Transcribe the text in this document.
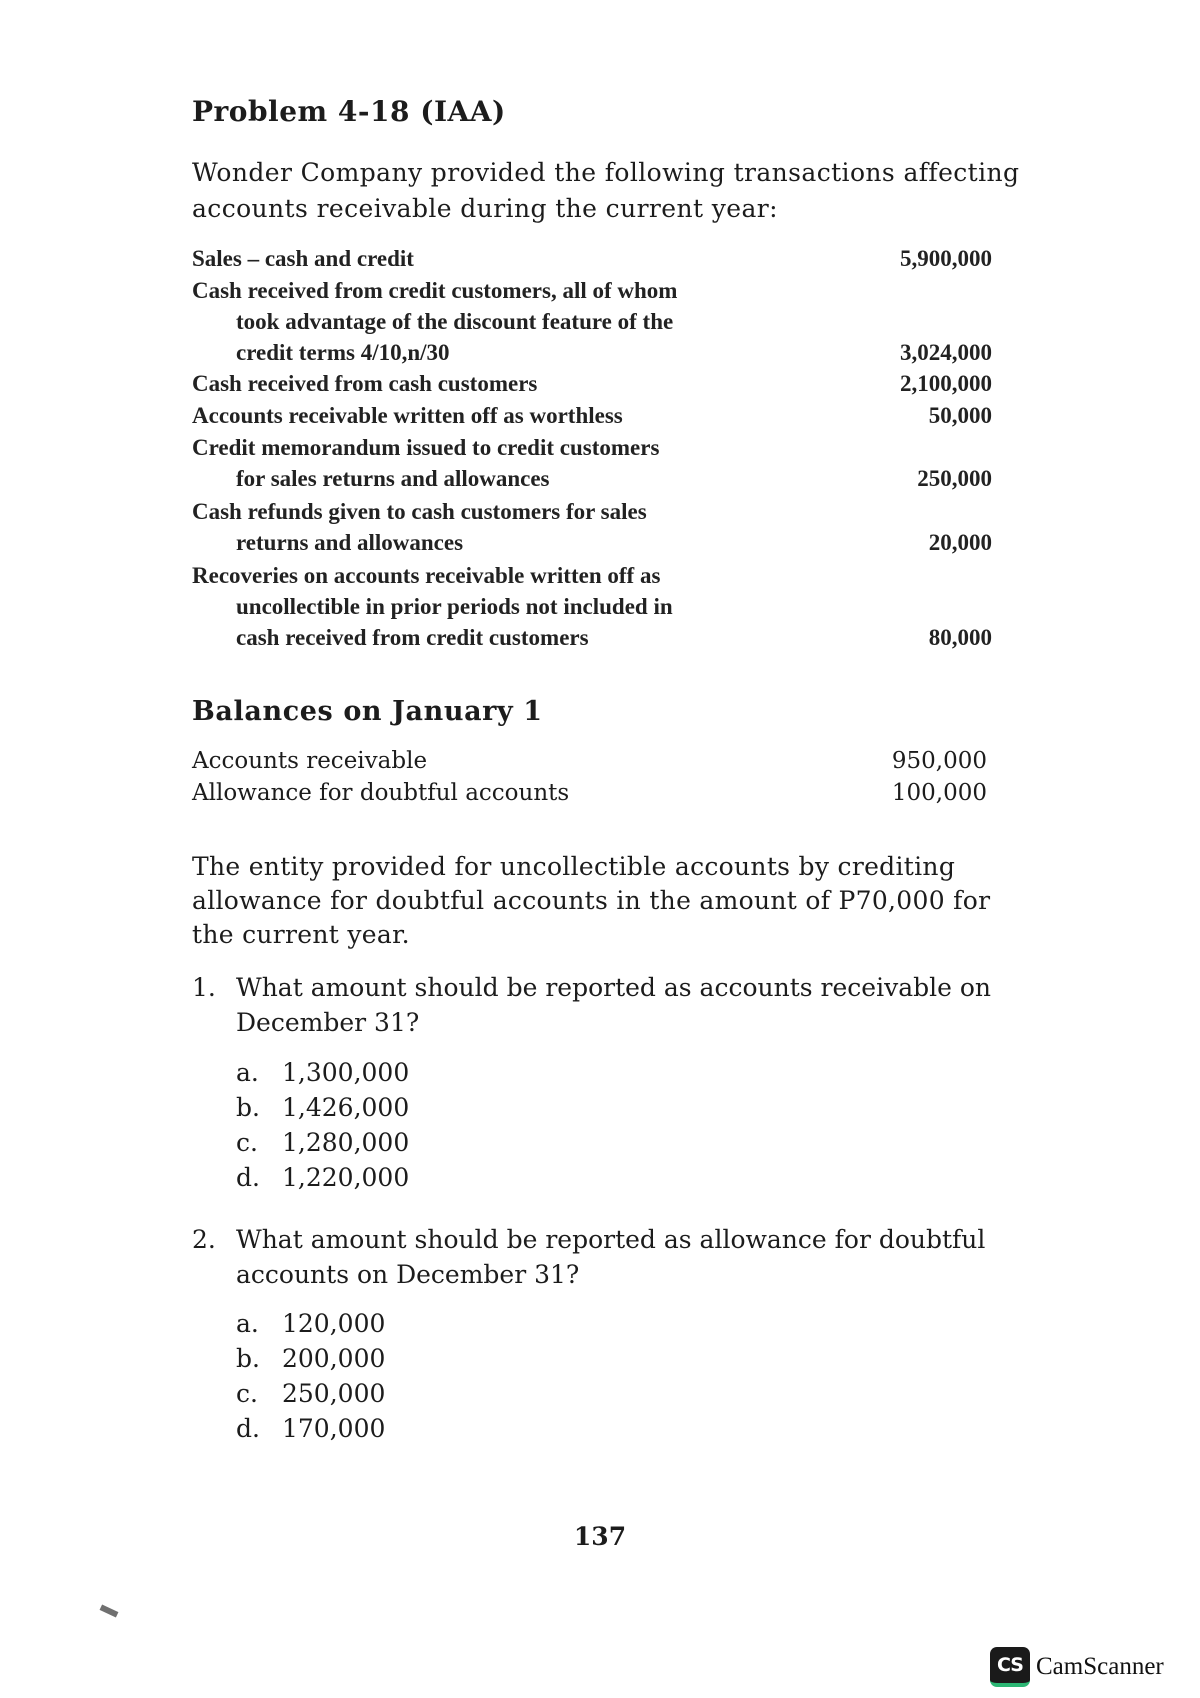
Problem 4-18 (IAA)
Wonder Company provided the following transactions affecting accounts receivable during the current year:
Sales – cash and credit	5,900,000
Cash received from credit customers, all of whom
took advantage of the discount feature of the
credit terms 4/10,n/30	3,024,000
Cash received from cash customers	2,100,000
Accounts receivable written off as worthless	50,000
Credit memorandum issued to credit customers
for sales returns and allowances	250,000
Cash refunds given to cash customers for sales
returns and allowances	20,000
Recoveries on accounts receivable written off as
uncollectible in prior periods not included in
cash received from credit customers	80,000
Balances on January 1
Accounts receivable	950,000
Allowance for doubtful accounts	100,000
The entity provided for uncollectible accounts by crediting allowance for doubtful accounts in the amount of P70,000 for the current year.
1. What amount should be reported as accounts receivable on December 31?
a. 1,300,000
b. 1,426,000
c. 1,280,000
d. 1,220,000
2. What amount should be reported as allowance for doubtful accounts on December 31?
a. 120,000
b. 200,000
c. 250,000
d. 170,000
137
CS CamScanner
